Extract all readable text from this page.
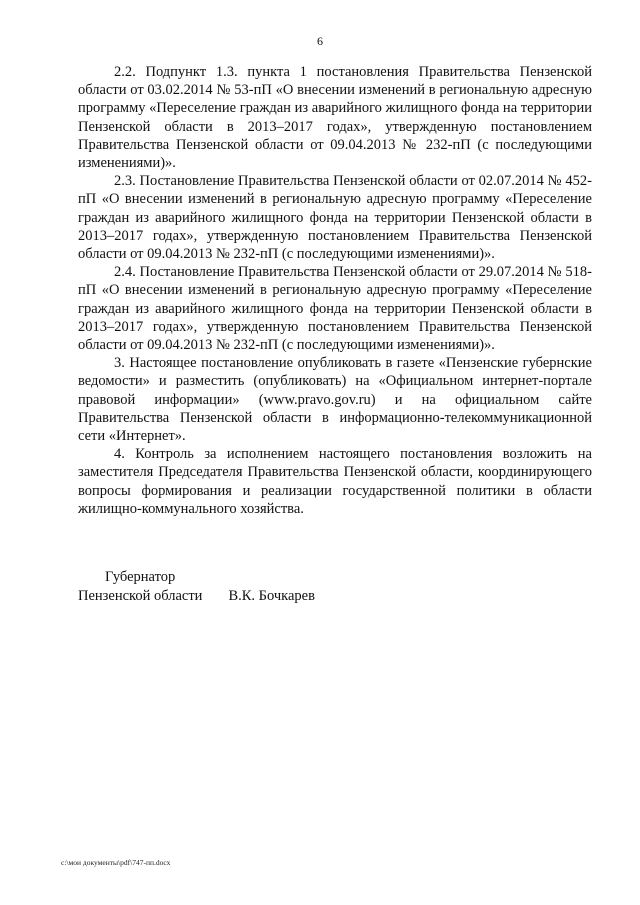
6

2.2. Подпункт 1.3. пункта 1 постановления Правительства Пензенской области от 03.02.2014 № 53-пП «О внесении изменений в региональную адресную программу «Переселение граждан из аварийного жилищного фонда на территории Пензенской области в 2013–2017 годах», утвержденную постановлением Правительства Пензенской области от 09.04.2013 № 232-пП (с последующими изменениями)».

2.3. Постановление Правительства Пензенской области от 02.07.2014 № 452-пП «О внесении изменений в региональную адресную программу «Переселение граждан из аварийного жилищного фонда на территории Пензенской области в 2013–2017 годах», утвержденную постановлением Правительства Пензенской области от 09.04.2013 № 232-пП (с последующими изменениями)».

2.4. Постановление Правительства Пензенской области от 29.07.2014 № 518-пП «О внесении изменений в региональную адресную программу «Переселение граждан из аварийного жилищного фонда на территории Пензенской области в 2013–2017 годах», утвержденную постановлением Правительства Пензенской области от 09.04.2013 № 232-пП (с последующими изменениями)».

3. Настоящее постановление опубликовать в газете «Пензенские губернские ведомости» и разместить (опубликовать) на «Официальном интернет-портале правовой информации» (www.pravo.gov.ru) и на официальном сайте Правительства Пензенской области в информационно-телекоммуникационной сети «Интернет».

4. Контроль за исполнением настоящего постановления возложить на заместителя Председателя Правительства Пензенской области, координирующего вопросы формирования и реализации государственной политики в области жилищно-коммунального хозяйства.

Губернатор
Пензенской области В.К. Бочкарев
c:\мои документы\pdf\747-пп.docx
